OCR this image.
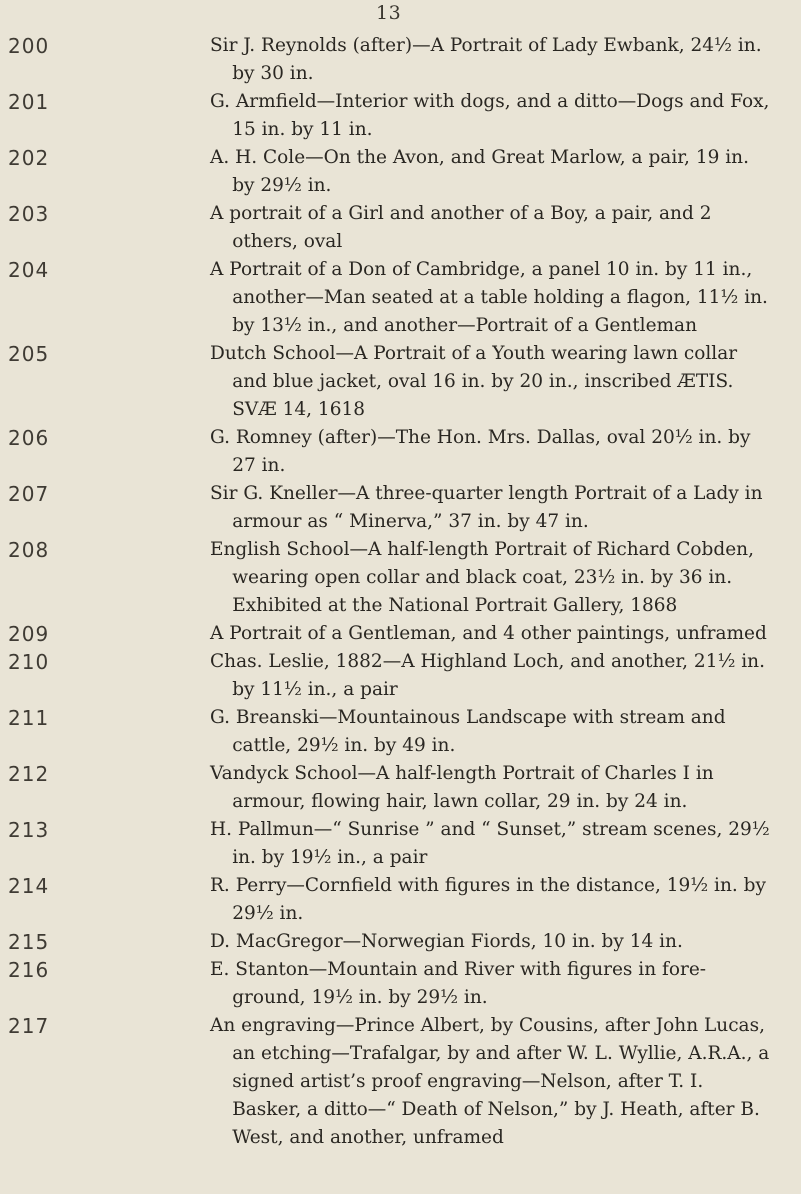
13
200	Sir J. Reynolds (after)—A Portrait of Lady Ewbank, 24½ in. by 30 in.
201	G. Armfield—Interior with dogs, and a ditto—Dogs and Fox, 15 in. by 11 in.
202	A. H. Cole—On the Avon, and Great Marlow, a pair, 19 in. by 29½ in.
203	A portrait of a Girl and another of a Boy, a pair, and 2 others, oval
204	A Portrait of a Don of Cambridge, a panel 10 in. by 11 in., another—Man seated at a table holding a flagon, 11½ in. by 13½ in., and another—Portrait of a Gentleman
205	Dutch School—A Portrait of a Youth wearing lawn collar and blue jacket, oval 16 in. by 20 in., inscribed ÆTIS. SVÆ 14, 1618
206	G. Romney (after)—The Hon. Mrs. Dallas, oval 20½ in. by 27 in.
207	Sir G. Kneller—A three-quarter length Portrait of a Lady in armour as “ Minerva,” 37 in. by 47 in.
208	English School—A half-length Portrait of Richard Cobden, wearing open collar and black coat, 23½ in. by 36 in. Exhibited at the National Portrait Gallery, 1868
209	A Portrait of a Gentleman, and 4 other paintings, unframed
210	Chas. Leslie, 1882—A Highland Loch, and another, 21½ in. by 11½ in., a pair
211	G. Breanski—Mountainous Landscape with stream and cattle, 29½ in. by 49 in.
212	Vandyck School—A half-length Portrait of Charles I in armour, flowing hair, lawn collar, 29 in. by 24 in.
213	H. Pallmun—“ Sunrise ” and “ Sunset,” stream scenes, 29½ in. by 19½ in., a pair
214	R. Perry—Cornfield with figures in the distance, 19½ in. by 29½ in.
215	D. MacGregor—Norwegian Fiords, 10 in. by 14 in.
216	E. Stanton—Mountain and River with figures in fore-ground, 19½ in. by 29½ in.
217	An engraving—Prince Albert, by Cousins, after John Lucas, an etching—Trafalgar, by and after W. L. Wyllie, A.R.A., a signed artist’s proof engraving—Nelson, after T. I. Basker, a ditto—“ Death of Nelson,” by J. Heath, after B. West, and another, unframed
